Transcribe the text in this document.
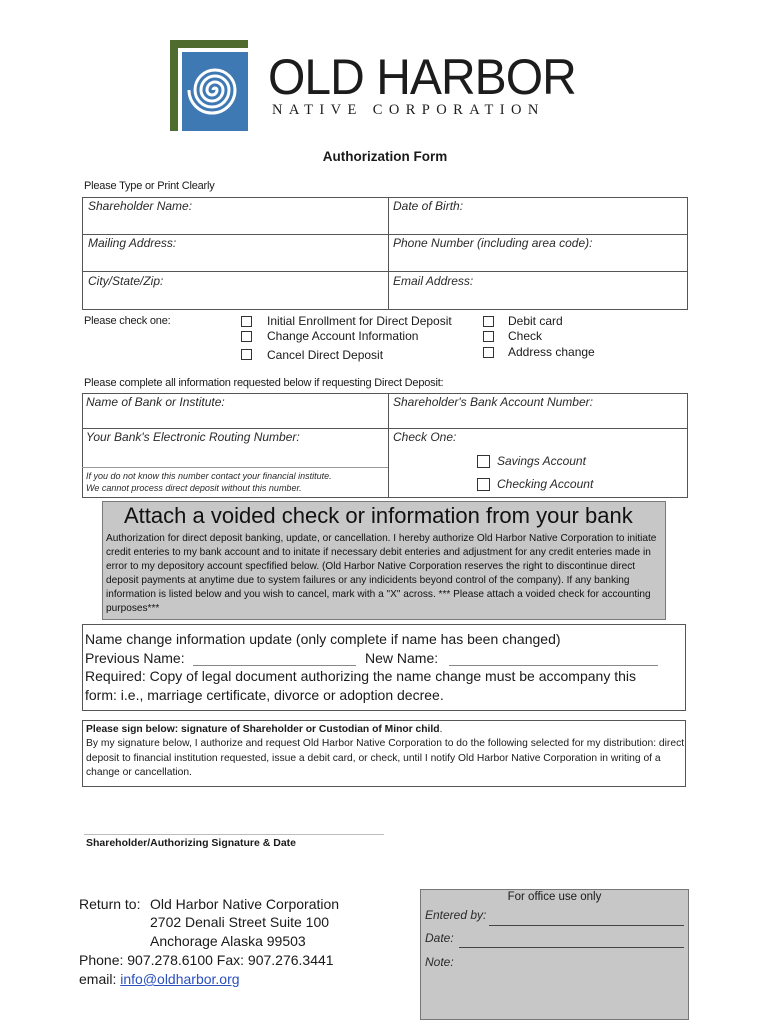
OLD HARBOR
NATIVE CORPORATION
Authorization Form
Please Type or Print Clearly
Shareholder Name:	Date of Birth:
Mailing Address:	Phone Number (including area code):
City/State/Zip:	Email Address:
Please check one:	Initial Enrollment for Direct Deposit
Change Account Information
Cancel Direct Deposit
Debit card
Check
Address change
Please complete all information requested below if requesting Direct Deposit:
Name of Bank or Institute:	Shareholder's Bank Account Number:
Your Bank's Electronic Routing Number:	Check One:
If you do not know this number contact your financial institute.
We cannot process direct deposit without this number.
Savings Account
Checking Account
Attach a voided check or information from your bank
Authorization for direct deposit banking, update, or cancellation. I hereby authorize Old Harbor Native Corporation to initiate credit enteries to my bank account and to initate if necessary debit enteries and adjustment for any credit enteries made in error to my depository account specfified below. (Old Harbor Native Corporation reserves the right to discontinue direct deposit payments at anytime due to system failures or any indicidents beyond control of the company). If any banking information is listed below and you wish to cancel, mark with a "X" across. *** Please attach a voided check for accounting purposes***
Name change information update (only complete if name has been changed)
Previous Name:	New Name:
Required: Copy of legal document authorizing the name change must be accompany this
form: i.e., marriage certificate, divorce or adoption decree.
Please sign below: signature of Shareholder or Custodian of Minor child.
By my signature below, I authorize and request Old Harbor Native Corporation to do the following selected for my distribution: direct deposit to financial institution requested, issue a debit card, or check, until I notify Old Harbor Native Corporation in writing of a change or cancellation.
Shareholder/Authorizing Signature & Date
Return to: Old Harbor Native Corporation
2702 Denali Street Suite 100
Anchorage Alaska 99503
Phone: 907.278.6100 Fax: 907.276.3441
email: info@oldharbor.org
For office use only
Entered by:
Date:
Note:
